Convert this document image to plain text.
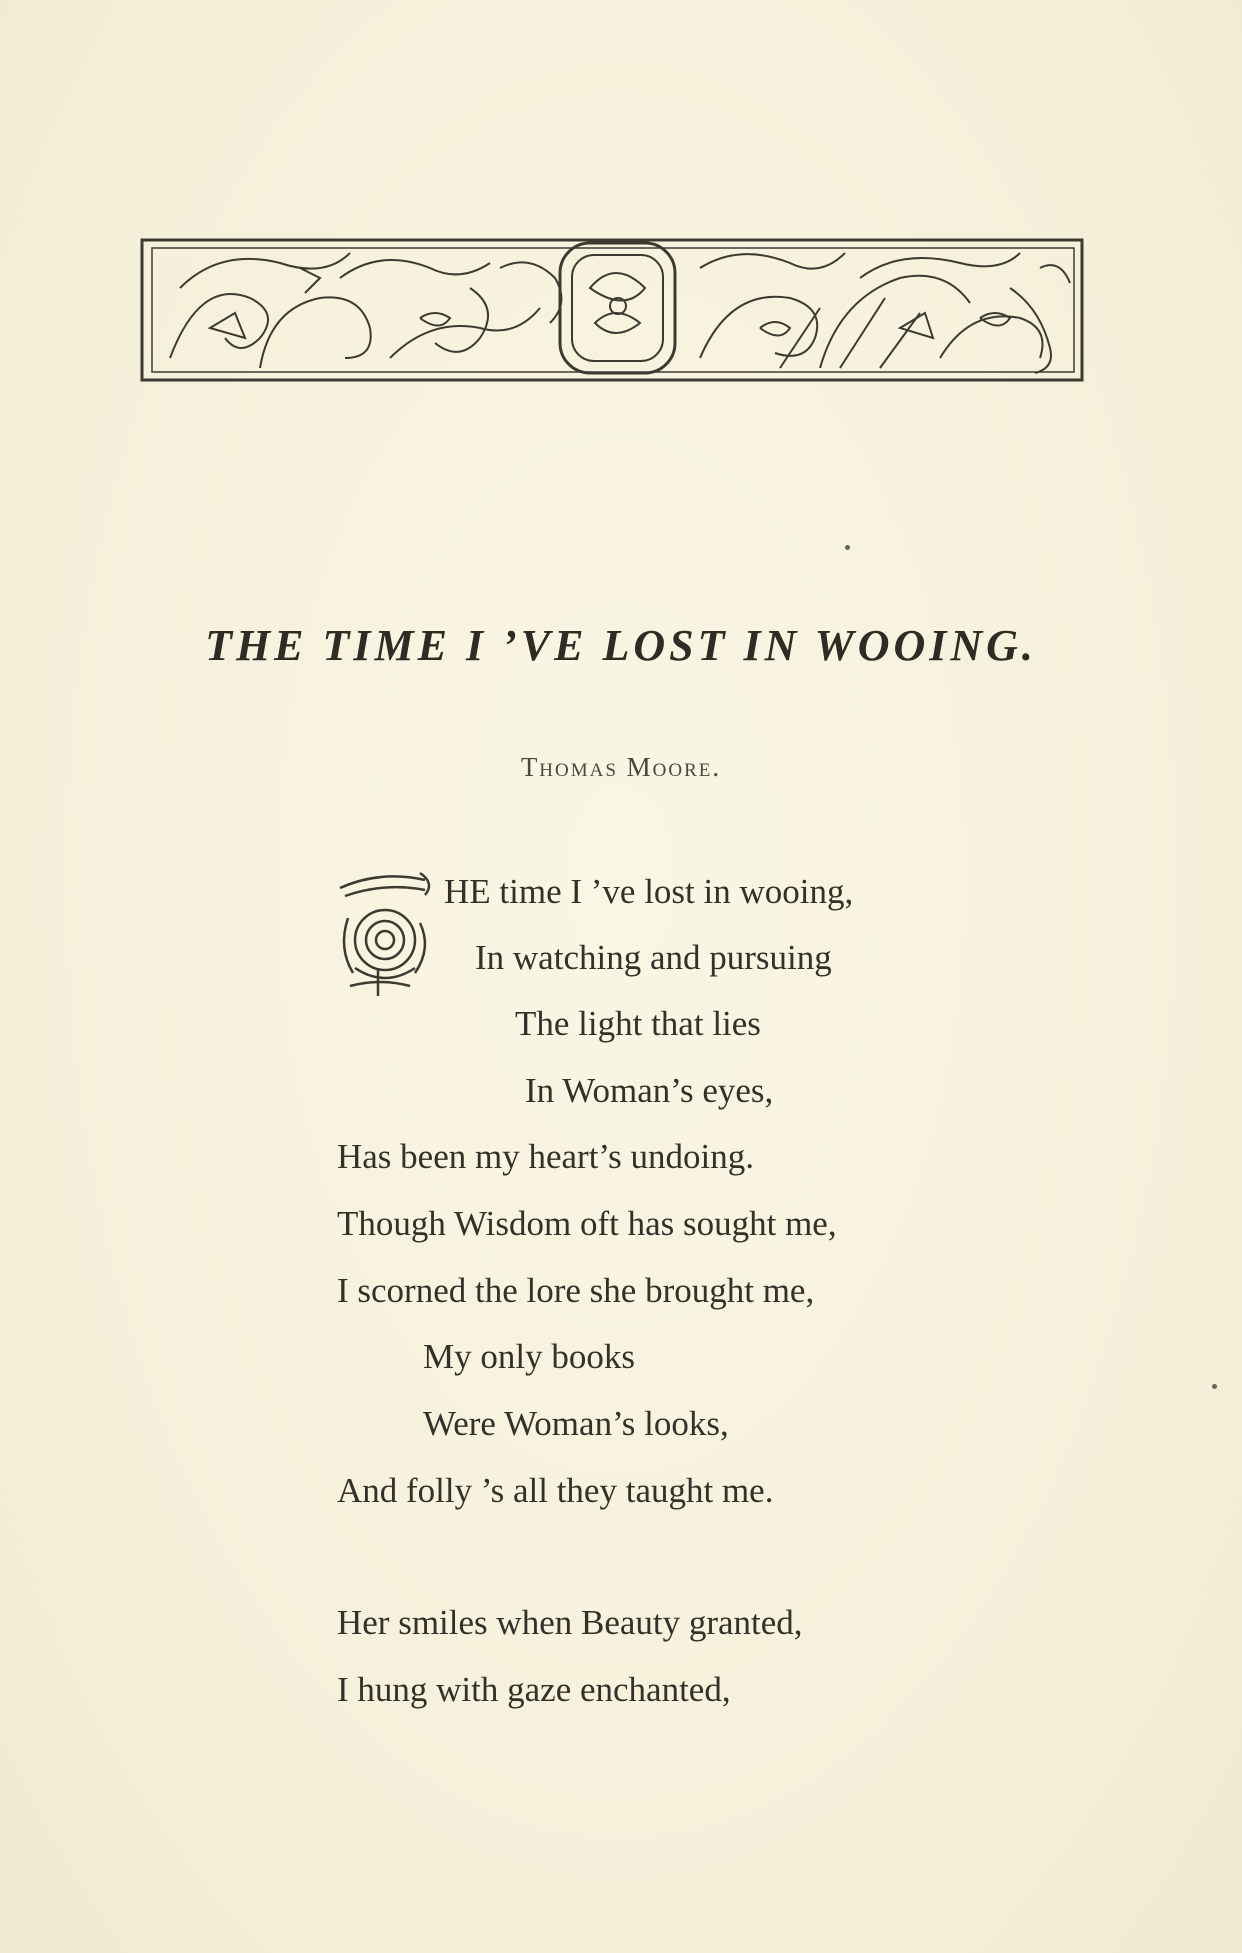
THE TIME I ’VE LOST IN WOOING.
Thomas Moore.
HE time I ’ve lost in wooing,
In watching and pursuing
The light that lies
In Woman’s eyes,
Has been my heart’s undoing.
Though Wisdom oft has sought me,
I scorned the lore she brought me,
My only books
Were Woman’s looks,
And folly ’s all they taught me.
Her smiles when Beauty granted,
I hung with gaze enchanted,
